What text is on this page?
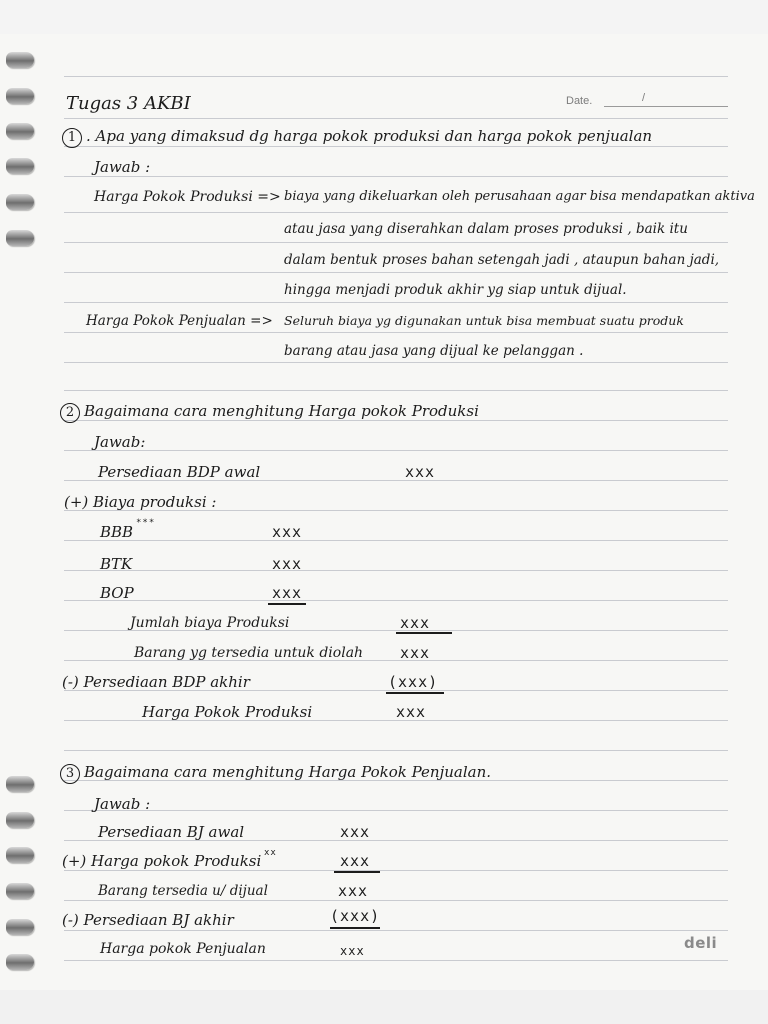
Tugas 3 AKBI	Date.	/
1 . Apa yang dimaksud dg harga pokok produksi dan harga pokok penjualan
Jawab :
Harga Pokok Produksi => biaya yang dikeluarkan oleh perusahaan agar bisa mendapatkan aktiva
atau jasa yang diserahkan dalam proses produksi , baik itu
dalam bentuk proses bahan setengah jadi , ataupun bahan jadi,
hingga menjadi produk akhir yg siap untuk dijual.
Harga Pokok Penjualan => Seluruh biaya yg digunakan untuk bisa membuat suatu produk
barang atau jasa yang dijual ke pelanggan .
2 Bagaimana cara menghitung Harga pokok Produksi
Jawab:
Persediaan BDP awal	xxx
(+) Biaya produksi :
BBB ***	xxx
BTK	xxx
BOP	xxx
Jumlah biaya Produksi	xxx
Barang yg tersedia untuk diolah xxx
(-) Persediaan BDP akhir	(xxx)
Harga Pokok Produksi	xxx
3 Bagaimana cara menghitung Harga Pokok Penjualan.
Jawab :
Persediaan BJ awal	xxx
(+) Harga pokok Produksi xx	xxx
Barang tersedia u/ dijual	xxx
(-) Persediaan BJ akhir	(xxx)
Harga pokok Penjualan	xxx	deli
